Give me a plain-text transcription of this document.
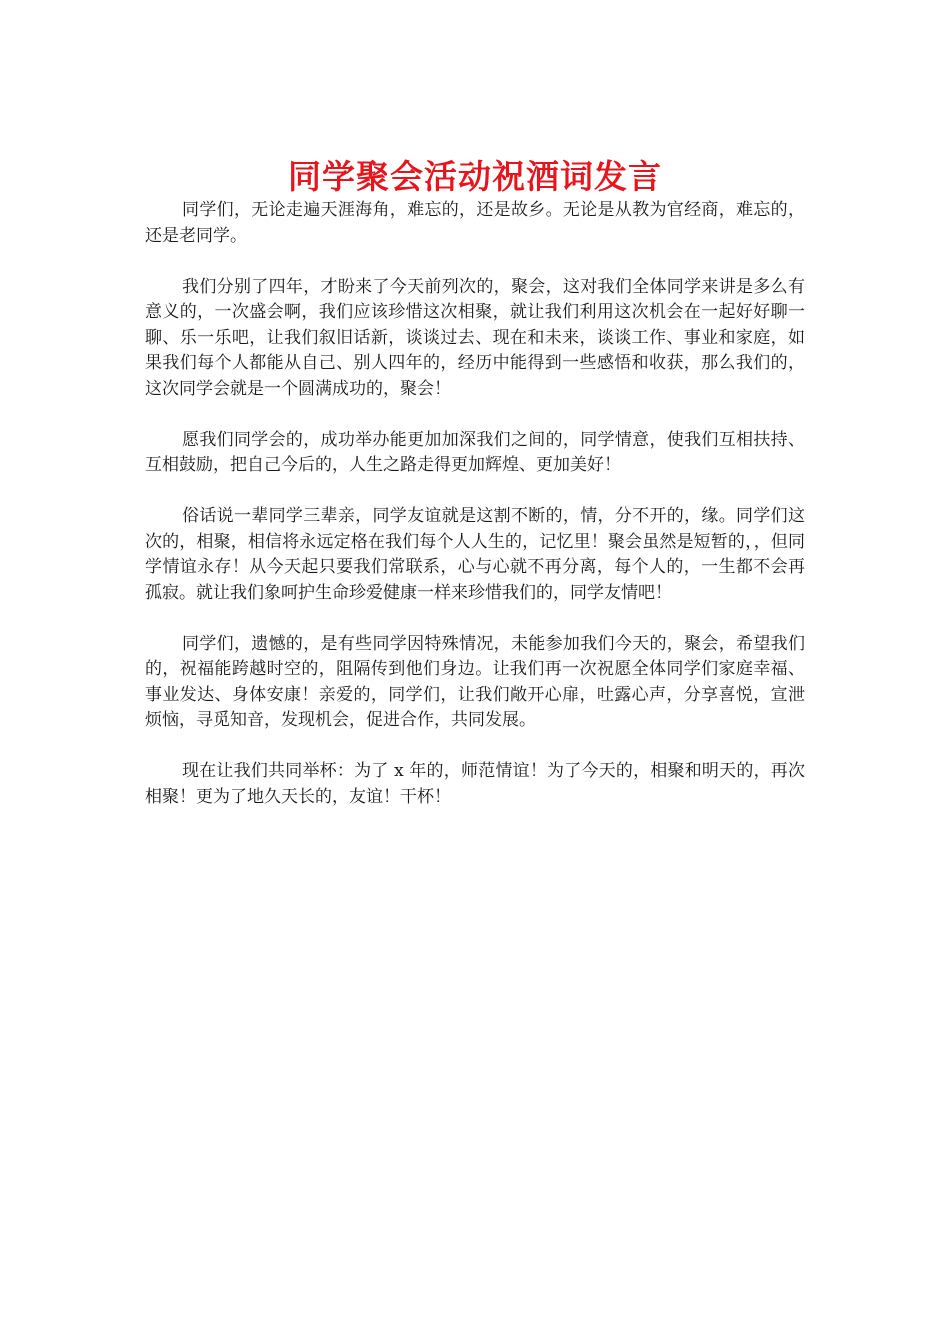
同学聚会活动祝酒词发言

同学们，无论走遍天涯海角，难忘的，还是故乡。无论是从教为官经商，难忘的，还是老同学。

我们分别了四年，才盼来了今天前列次的，聚会，这对我们全体同学来讲是多么有意义的，一次盛会啊，我们应该珍惜这次相聚，就让我们利用这次机会在一起好好聊一聊、乐一乐吧，让我们叙旧话新，谈谈过去、现在和未来，谈谈工作、事业和家庭，如果我们每个人都能从自己、别人四年的，经历中能得到一些感悟和收获，那么我们的，这次同学会就是一个圆满成功的，聚会！

愿我们同学会的，成功举办能更加加深我们之间的，同学情意，使我们互相扶持、互相鼓励，把自己今后的，人生之路走得更加辉煌、更加美好！

俗话说一辈同学三辈亲，同学友谊就是这割不断的，情，分不开的，缘。同学们这次的，相聚，相信将永远定格在我们每个人人生的，记忆里！聚会虽然是短暂的，，但同学情谊永存！从今天起只要我们常联系，心与心就不再分离，每个人的，一生都不会再孤寂。就让我们象呵护生命珍爱健康一样来珍惜我们的，同学友情吧！

同学们，遗憾的，是有些同学因特殊情况，未能参加我们今天的，聚会，希望我们的，祝福能跨越时空的，阻隔传到他们身边。让我们再一次祝愿全体同学们家庭幸福、事业发达、身体安康！亲爱的，同学们，让我们敞开心扉，吐露心声，分享喜悦，宣泄烦恼，寻觅知音，发现机会，促进合作，共同发展。

现在让我们共同举杯：为了 x 年的，师范情谊！为了今天的，相聚和明天的，再次相聚！更为了地久天长的，友谊！干杯！
